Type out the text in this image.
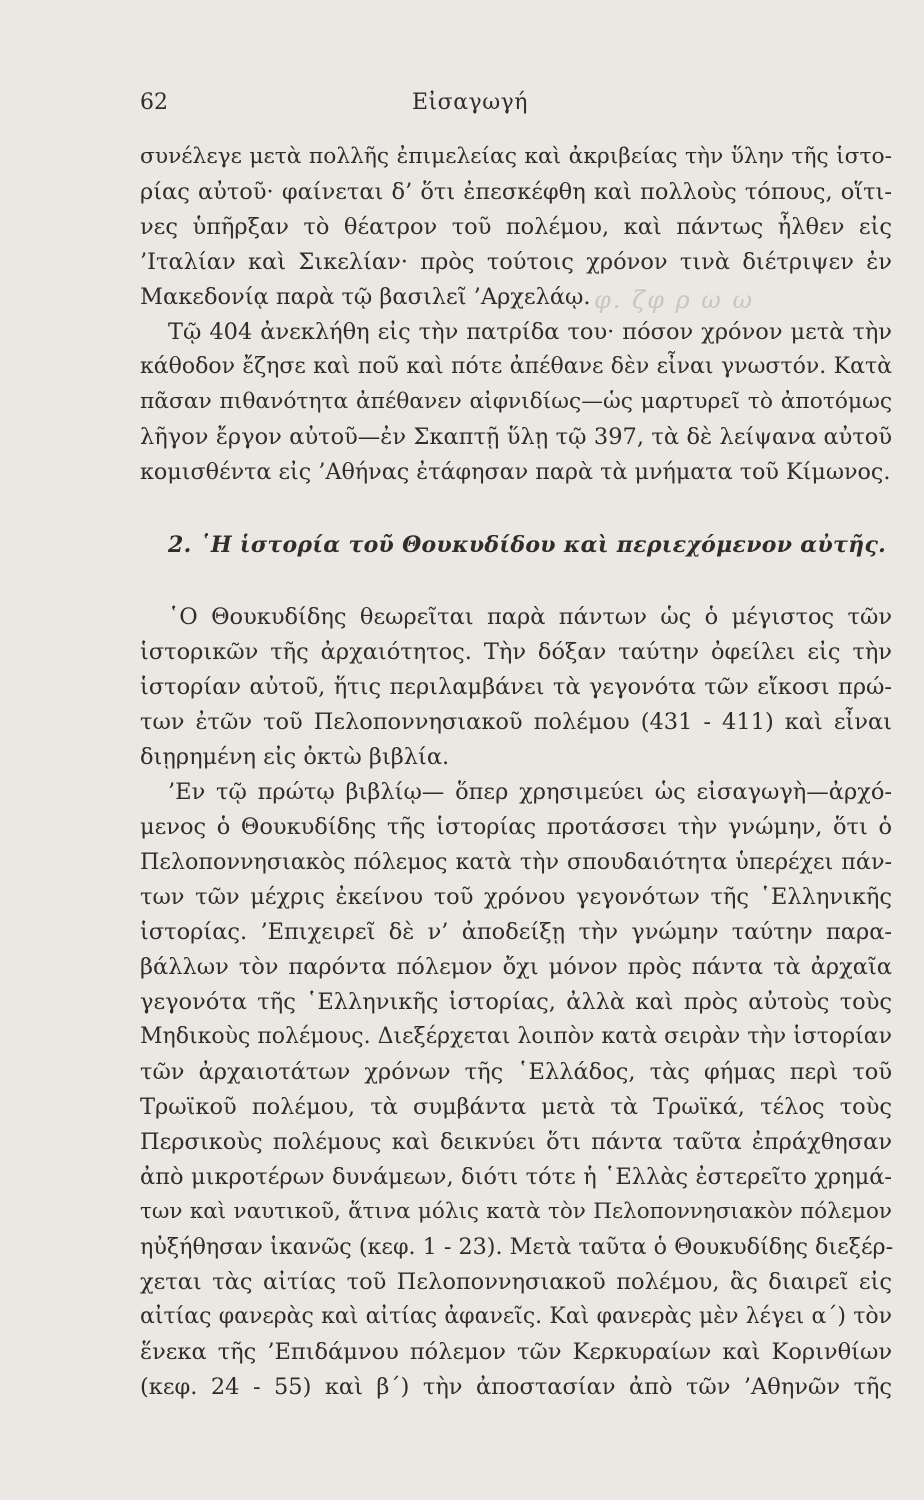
62	Εἰσαγωγή
συνέλεγε μετὰ πολλῆς ἐπιμελείας καὶ ἀκριβείας τὴν ὕλην τῆς ἱστο-
ρίας αὐτοῦ· φαίνεται δ’ ὅτι ἐπεσκέφθη καὶ πολλοὺς τόπους, οἵτι-
νες ὑπῆρξαν τὸ θέατρον τοῦ πολέμου, καὶ πάντως ἦλθεν εἰς
’Ιταλίαν καὶ Σικελίαν· πρὸς τούτοις χρόνον τινὰ διέτριψεν ἐν
Μακεδονίᾳ παρὰ τῷ βασιλεῖ ’Αρχελάῳ. φ. ζφ ρ ω ω
Τῷ 404 ἀνεκλήθη εἰς τὴν πατρίδα του· πόσον χρόνον μετὰ τὴν
κάθοδον ἔζησε καὶ ποῦ καὶ πότε ἀπέθανε δὲν εἶναι γνωστόν. Κατὰ
πᾶσαν πιθανότητα ἀπέθανεν αἰφνιδίως—ὡς μαρτυρεῖ τὸ ἀποτόμως
λῆγον ἔργον αὐτοῦ—ἐν Σκαπτῇ ὕλῃ τῷ 397, τὰ δὲ λείψανα αὐτοῦ
κομισθέντα εἰς ’Αθήνας ἐτάφησαν παρὰ τὰ μνήματα τοῦ Κίμωνος.
2. ῾Η ἱστορία τοῦ Θουκυδίδου καὶ περιεχόμενον αὐτῆς.
῾Ο Θουκυδίδης θεωρεῖται παρὰ πάντων ὡς ὁ μέγιστος τῶν
ἱστορικῶν τῆς ἀρχαιότητος. Τὴν δόξαν ταύτην ὀφείλει εἰς τὴν
ἱστορίαν αὐτοῦ, ἥτις περιλαμβάνει τὰ γεγονότα τῶν εἴκοσι πρώ-
των ἐτῶν τοῦ Πελοποννησιακοῦ πολέμου (431 - 411) καὶ εἶναι
διῃρημένη εἰς ὀκτὼ βιβλία.
’Εν τῷ πρώτῳ βιβλίῳ— ὅπερ χρησιμεύει ὡς εἰσαγωγὴ—ἀρχό-
μενος ὁ Θουκυδίδης τῆς ἱστορίας προτάσσει τὴν γνώμην, ὅτι ὁ
Πελοποννησιακὸς πόλεμος κατὰ τὴν σπουδαιότητα ὑπερέχει πάν-
των τῶν μέχρις ἐκείνου τοῦ χρόνου γεγονότων τῆς ῾Ελληνικῆς
ἱστορίας. ’Επιχειρεῖ δὲ ν’ ἀποδείξῃ τὴν γνώμην ταύτην παρα-
βάλλων τὸν παρόντα πόλεμον ὄχι μόνον πρὸς πάντα τὰ ἀρχαῖα
γεγονότα τῆς ῾Ελληνικῆς ἱστορίας, ἀλλὰ καὶ πρὸς αὐτοὺς τοὺς
Μηδικοὺς πολέμους. Διεξέρχεται λοιπὸν κατὰ σειρὰν τὴν ἱστορίαν
τῶν ἀρχαιοτάτων χρόνων τῆς ῾Ελλάδος, τὰς φήμας περὶ τοῦ
Τρωϊκοῦ πολέμου, τὰ συμβάντα μετὰ τὰ Τρωϊκά, τέλος τοὺς
Περσικοὺς πολέμους καὶ δεικνύει ὅτι πάντα ταῦτα ἐπράχθησαν
ἀπὸ μικροτέρων δυνάμεων, διότι τότε ἡ ῾Ελλὰς ἐστερεῖτο χρημά-
των καὶ ναυτικοῦ, ἅτινα μόλις κατὰ τὸν Πελοποννησιακὸν πόλεμον
ηὐξήθησαν ἱκανῶς (κεφ. 1 - 23). Μετὰ ταῦτα ὁ Θουκυδίδης διεξέρ-
χεται τὰς αἰτίας τοῦ Πελοποννησιακοῦ πολέμου, ἃς διαιρεῖ εἰς
αἰτίας φανερὰς καὶ αἰτίας ἀφανεῖς. Καὶ φανερὰς μὲν λέγει α΄) τὸν
ἕνεκα τῆς ’Επιδάμνου πόλεμον τῶν Κερκυραίων καὶ Κορινθίων
(κεφ. 24 - 55) καὶ β΄) τὴν ἀποστασίαν ἀπὸ τῶν ’Αθηνῶν τῆς
